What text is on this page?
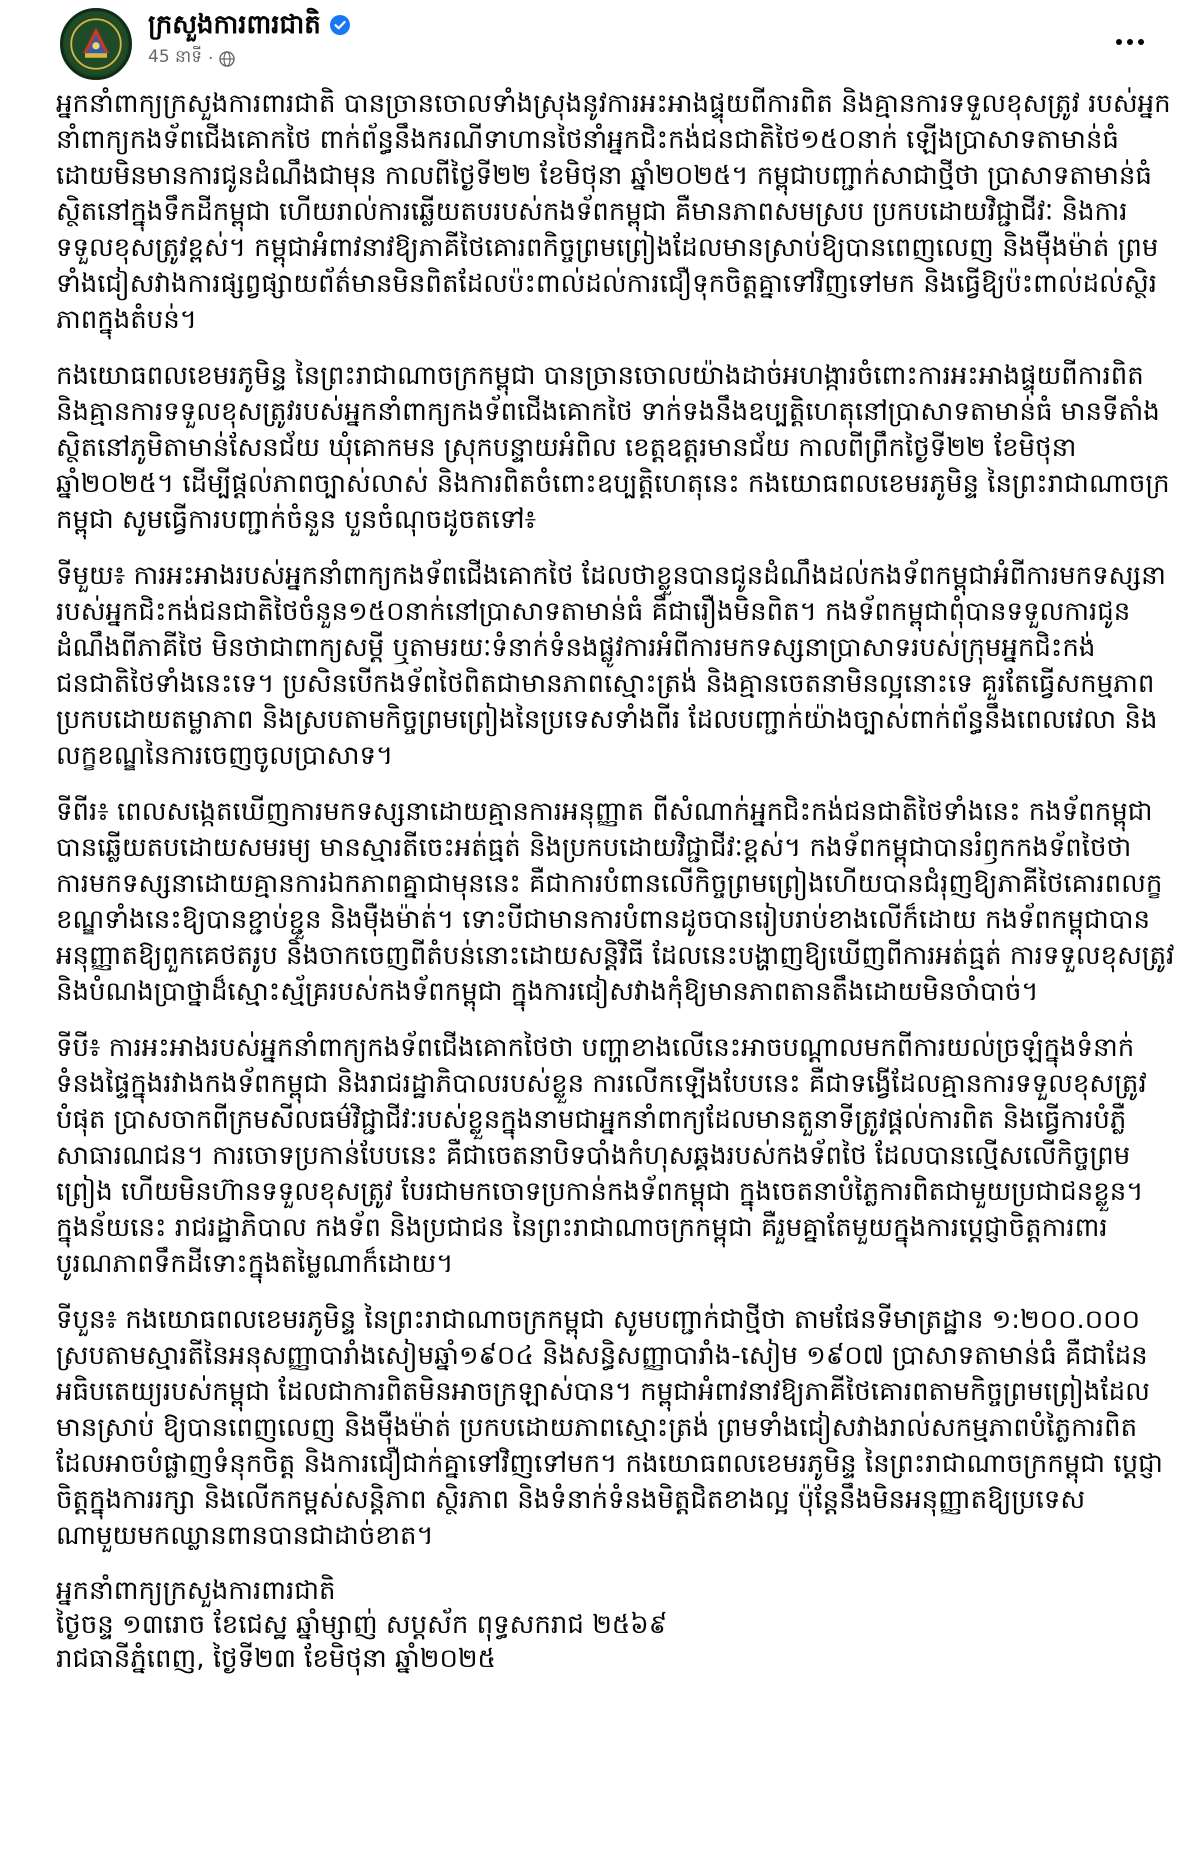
ក្រសួងការពារជាតិ
45 នាទី ·

អ្នកនាំពាក្យក្រសួងការពារជាតិ បានច្រានចោលទាំងស្រុងនូវការអះអាងផ្ទុយពីការពិត និងគ្មានការទទួលខុសត្រូវ របស់អ្នកនាំពាក្យកងទ័ពជើងគោកថៃ ពាក់ព័ន្ធនឹងករណីទាហានថៃនាំអ្នកជិះកង់ជនជាតិថៃ១៥០នាក់ ឡើងប្រាសាទតាមាន់ធំដោយមិនមានការជូនដំណឹងជាមុន កាលពីថ្ងៃទី២២ ខែមិថុនា ឆ្នាំ២០២៥។ កម្ពុជាបញ្ជាក់សាជាថ្មីថា ប្រាសាទតាមាន់ធំ ស្ថិតនៅក្នុងទឹកដីកម្ពុជា ហើយរាល់ការឆ្លើយតបរបស់កងទ័ពកម្ពុជា គឺមានភាពសមស្រប ប្រកបដោយវិជ្ជាជីវៈ និងការទទួលខុសត្រូវខ្ពស់។ កម្ពុជាអំពាវនាវឱ្យភាគីថៃគោរពកិច្ចព្រមព្រៀងដែលមានស្រាប់ឱ្យបានពេញលេញ និងម៉ឺងម៉ាត់ ព្រមទាំងជៀសវាងការផ្សព្វផ្សាយព័ត៌មានមិនពិតដែលប៉ះពាល់ដល់ការជឿទុកចិត្តគ្នាទៅវិញទៅមក និងធ្វើឱ្យប៉ះពាល់ដល់ស្ថិរភាពក្នុងតំបន់។

កងយោធពលខេមរភូមិន្ទ នៃព្រះរាជាណាចក្រកម្ពុជា បានច្រានចោលយ៉ាងដាច់អហង្ការចំពោះការអះអាងផ្ទុយពីការពិត និងគ្មានការទទួលខុសត្រូវរបស់អ្នកនាំពាក្យកងទ័ពជើងគោកថៃ ទាក់ទងនឹងឧប្បត្តិហេតុនៅប្រាសាទតាមាន់ធំ មានទីតាំងស្ថិតនៅភូមិតាមាន់សែនជ័យ ឃុំគោកមន ស្រុកបន្ទាយអំពិល ខេត្តឧត្តរមានជ័យ កាលពីព្រឹកថ្ងៃទី២២ ខែមិថុនា ឆ្នាំ២០២៥។ ដើម្បីផ្តល់ភាពច្បាស់លាស់ និងការពិតចំពោះឧប្បត្តិហេតុនេះ កងយោធពលខេមរភូមិន្ទ នៃព្រះរាជាណាចក្រកម្ពុជា សូមធ្វើការបញ្ជាក់ចំនួន បួនចំណុចដូចតទៅ៖

ទីមួយ៖ ការអះអាងរបស់អ្នកនាំពាក្យកងទ័ពជើងគោកថៃ ដែលថាខ្លួនបានជូនដំណឹងដល់កងទ័ពកម្ពុជាអំពីការមកទស្សនារបស់អ្នកជិះកង់ជនជាតិថៃចំនួន១៥០នាក់នៅប្រាសាទតាមាន់ធំ គឺជារឿងមិនពិត។ កងទ័ពកម្ពុជាពុំបានទទួលការជូនដំណឹងពីភាគីថៃ មិនថាជាពាក្យសម្តី ឬតាមរយៈទំនាក់ទំនងផ្លូវការអំពីការមកទស្សនាប្រាសាទរបស់ក្រុមអ្នកជិះកង់ជនជាតិថៃទាំងនេះទេ។ ប្រសិនបើកងទ័ពថៃពិតជាមានភាពស្មោះត្រង់ និងគ្មានចេតនាមិនល្អនោះទេ គួរតែធ្វើសកម្មភាពប្រកបដោយតម្លាភាព និងស្របតាមកិច្ចព្រមព្រៀងនៃប្រទេសទាំងពីរ ដែលបញ្ជាក់យ៉ាងច្បាស់ពាក់ព័ន្ធនឹងពេលវេលា និងលក្ខខណ្ឌនៃការចេញចូលប្រាសាទ។

ទីពីរ៖ ពេលសង្កេតឃើញការមកទស្សនាដោយគ្មានការអនុញ្ញាត ពីសំណាក់អ្នកជិះកង់ជនជាតិថៃទាំងនេះ កងទ័ពកម្ពុជាបានឆ្លើយតបដោយសមរម្យ មានស្មារតីចេះអត់ធ្មត់ និងប្រកបដោយវិជ្ជាជីវៈខ្ពស់។ កងទ័ពកម្ពុជាបានរំឭកកងទ័ពថៃថា ការមកទស្សនាដោយគ្មានការឯកភាពគ្នាជាមុននេះ គឺជាការបំពានលើកិច្ចព្រមព្រៀងហើយបានជំរុញឱ្យភាគីថៃគោរពលក្ខខណ្ឌទាំងនេះឱ្យបានខ្ជាប់ខ្ជួន និងម៉ឺងម៉ាត់។ ទោះបីជាមានការបំពានដូចបានរៀបរាប់ខាងលើក៏ដោយ កងទ័ពកម្ពុជាបានអនុញ្ញាតឱ្យពួកគេថតរូប និងចាកចេញពីតំបន់នោះដោយសន្តិវិធី ដែលនេះបង្ហាញឱ្យឃើញពីការអត់ធ្មត់ ការទទួលខុសត្រូវ និងបំណងប្រាថ្នាដ៏ស្មោះស្ម័គ្ររបស់កងទ័ពកម្ពុជា ក្នុងការជៀសវាងកុំឱ្យមានភាពតានតឹងដោយមិនចាំបាច់។

ទីបី៖ ការអះអាងរបស់អ្នកនាំពាក្យកងទ័ពជើងគោកថៃថា បញ្ហាខាងលើនេះអាចបណ្តាលមកពីការយល់ច្រឡំក្នុងទំនាក់ទំនងផ្ទៃក្នុងរវាងកងទ័ពកម្ពុជា និងរាជរដ្ឋាភិបាលរបស់ខ្លួន ការលើកឡើងបែបនេះ គឺជាទង្វើដែលគ្មានការទទួលខុសត្រូវបំផុត ប្រាសចាកពីក្រមសីលធម៌វិជ្ជាជីវៈរបស់ខ្លួនក្នុងនាមជាអ្នកនាំពាក្យដែលមានតួនាទីត្រូវផ្តល់ការពិត និងធ្វើការបំភ្លឺសាធារណជន។ ការចោទប្រកាន់បែបនេះ គឺជាចេតនាបិទបាំងកំហុសឆ្គងរបស់កងទ័ពថៃ ដែលបានល្មើសលើកិច្ចព្រមព្រៀង ហើយមិនហ៊ានទទួលខុសត្រូវ បែរជាមកចោទប្រកាន់កងទ័ពកម្ពុជា ក្នុងចេតនាបំភ្លៃការពិតជាមួយប្រជាជនខ្លួន។ ក្នុងន័យនេះ រាជរដ្ឋាភិបាល កងទ័ព និងប្រជាជន នៃព្រះរាជាណាចក្រកម្ពុជា គឺរួមគ្នាតែមួយក្នុងការប្តេជ្ញាចិត្តការពារបូរណភាពទឹកដីទោះក្នុងតម្លៃណាក៏ដោយ។

ទីបួន៖ កងយោធពលខេមរភូមិន្ទ នៃព្រះរាជាណាចក្រកម្ពុជា សូមបញ្ជាក់ជាថ្មីថា តាមផែនទីមាត្រដ្ឋាន ១:២០០.០០០ ស្របតាមស្មារតីនៃអនុសញ្ញាបារាំងសៀមឆ្នាំ១៩០៤ និងសន្ធិសញ្ញាបារាំង-សៀម ១៩០៧ ប្រាសាទតាមាន់ធំ គឺជាដែនអធិបតេយ្យរបស់កម្ពុជា ដែលជាការពិតមិនអាចក្រឡាស់បាន។ កម្ពុជាអំពាវនាវឱ្យភាគីថៃគោរពតាមកិច្ចព្រមព្រៀងដែលមានស្រាប់ ឱ្យបានពេញលេញ និងម៉ឺងម៉ាត់ ប្រកបដោយភាពស្មោះត្រង់ ព្រមទាំងជៀសវាងរាល់សកម្មភាពបំភ្លៃការពិត ដែលអាចបំផ្លាញទំនុកចិត្ត និងការជឿជាក់គ្នាទៅវិញទៅមក។ កងយោធពលខេមរភូមិន្ទ នៃព្រះរាជាណាចក្រកម្ពុជា ប្តេជ្ញាចិត្តក្នុងការរក្សា និងលើកកម្ពស់សន្តិភាព ស្ថិរភាព និងទំនាក់ទំនងមិត្តជិតខាងល្អ ប៉ុន្តែនឹងមិនអនុញ្ញាតឱ្យប្រទេសណាមួយមកឈ្លានពានបានជាដាច់ខាត។

អ្នកនាំពាក្យក្រសួងការពារជាតិ
ថ្ងៃចន្ទ ១៣រោច ខែជេស្ឋ ឆ្នាំម្សាញ់ សប្តស័ក ពុទ្ធសករាជ ២៥៦៩
រាជធានីភ្នំពេញ, ថ្ងៃទី២៣ ខែមិថុនា ឆ្នាំ២០២៥
